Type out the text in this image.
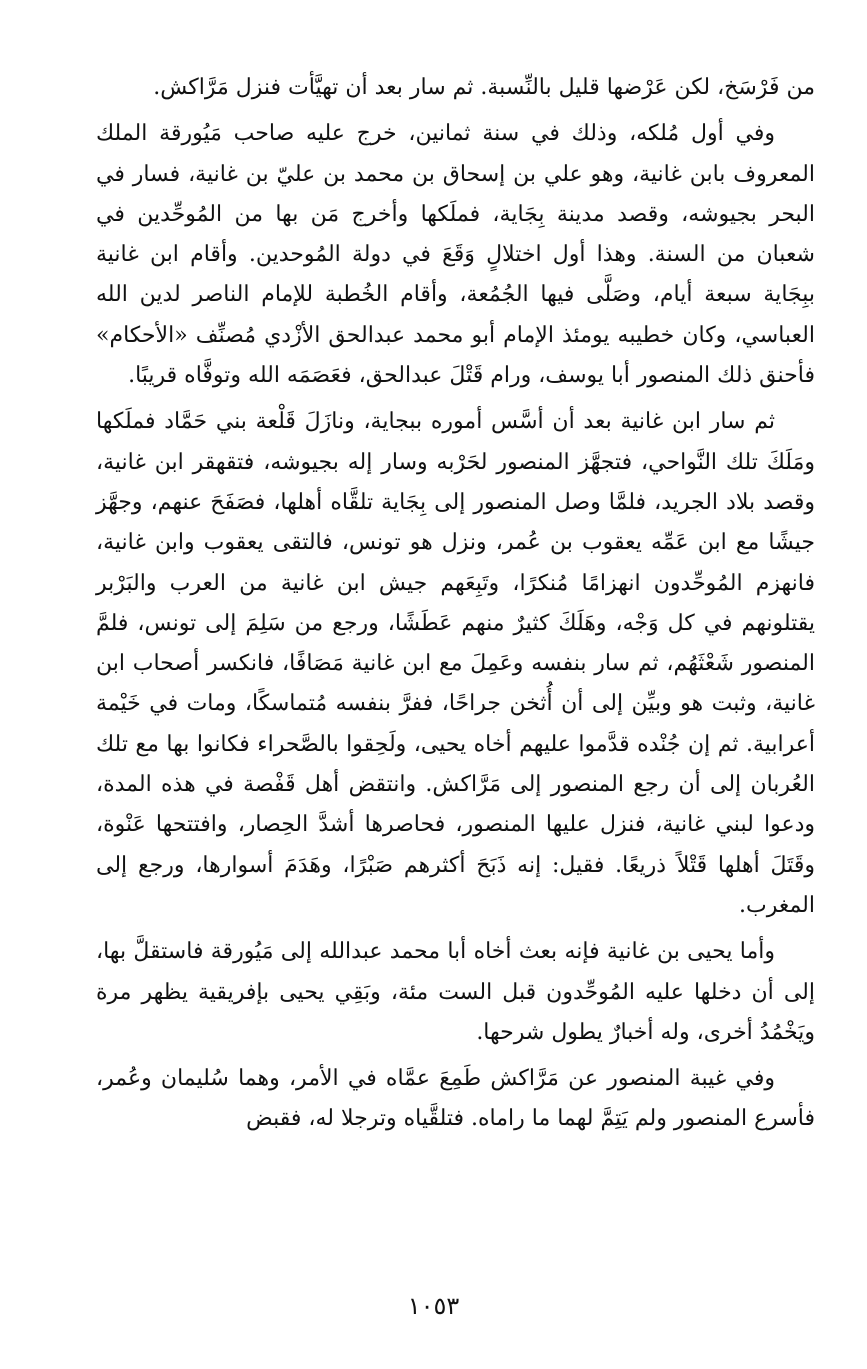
من فَرْسَخ، لكن عَرْضها قليل بالنِّسبة. ثم سار بعد أن تهيَّأت فنزل مَرَّاكش.

وفي أول مُلكه، وذلك في سنة ثمانين، خرج عليه صاحب مَيُورقة الملك المعروف بابن غانية، وهو علي بن إسحاق بن محمد بن عليّ بن غانية، فسار في البحر بجيوشه، وقصد مدينة بِجَاية، فملَكها وأخرج مَن بها من المُوحِّدين في شعبان من السنة. وهذا أول اختلالٍ وَقَعَ في دولة المُوحدين. وأقام ابن غانية ببِجَاية سبعة أيام، وصَلَّى فيها الجُمُعة، وأقام الخُطبة للإمام الناصر لدين الله العباسي، وكان خطيبه يومئذ الإمام أبو محمد عبدالحق الأزْدي مُصنِّف «الأحكام» فأحنق ذلك المنصور أبا يوسف، ورام قَتْلَ عبدالحق، فعَصَمَه الله وتوفَّاه قريبًا.

ثم سار ابن غانية بعد أن أسَّس أموره ببجاية، ونازَلَ قَلْعة بني حَمَّاد فملَكها ومَلَكَ تلك النَّواحي، فتجهَّز المنصور لحَرْبه وسار إله بجيوشه، فتقهقر ابن غانية، وقصد بلاد الجريد، فلمَّا وصل المنصور إلى بِجَاية تلقَّاه أهلها، فصَفَحَ عنهم، وجهَّز جيشًا مع ابن عَمِّه يعقوب بن عُمر، ونزل هو تونس، فالتقى يعقوب وابن غانية، فانهزم المُوحِّدون انهزامًا مُنكرًا، وتَبِعَهم جيش ابن غانية من العرب والبَرْبر يقتلونهم في كل وَجْه، وهَلَكَ كثيرٌ منهم عَطَشًا، ورجع من سَلِمَ إلى تونس، فلمَّ المنصور شَعْثَهُم، ثم سار بنفسه وعَمِلَ مع ابن غانية مَصَافًا، فانكسر أصحاب ابن غانية، وثبت هو وبيِّن إلى أن أُثخن جراحًا، ففرَّ بنفسه مُتماسكًا، ومات في خَيْمة أعرابية. ثم إن جُنْده قدَّموا عليهم أخاه يحيى، ولَحِقوا بالصَّحراء فكانوا بها مع تلك العُربان إلى أن رجع المنصور إلى مَرَّاكش. وانتقض أهل قَفْصة في هذه المدة، ودعوا لبني غانية، فنزل عليها المنصور، فحاصرها أشدَّ الحِصار، وافتتحها عَنْوة، وقَتَلَ أهلها قَتْلاً ذريعًا. فقيل: إنه ذَبَحَ أكثرهم صَبْرًا، وهَدَمَ أسوارها، ورجع إلى المغرب.

وأما يحيى بن غانية فإنه بعث أخاه أبا محمد عبدالله إلى مَيُورقة فاستقلَّ بها، إلى أن دخلها عليه المُوحِّدون قبل الست مئة، وبَقِي يحيى بإفريقية يظهر مرة ويَخْمُدُ أخرى، وله أخبارٌ يطول شرحها.

وفي غيبة المنصور عن مَرَّاكش طَمِعَ عمَّاه في الأمر، وهما سُليمان وعُمر، فأسرع المنصور ولم يَتِمَّ لهما ما راماه. فتلقَّياه وترجلا له، فقبض

١٠٥٣
